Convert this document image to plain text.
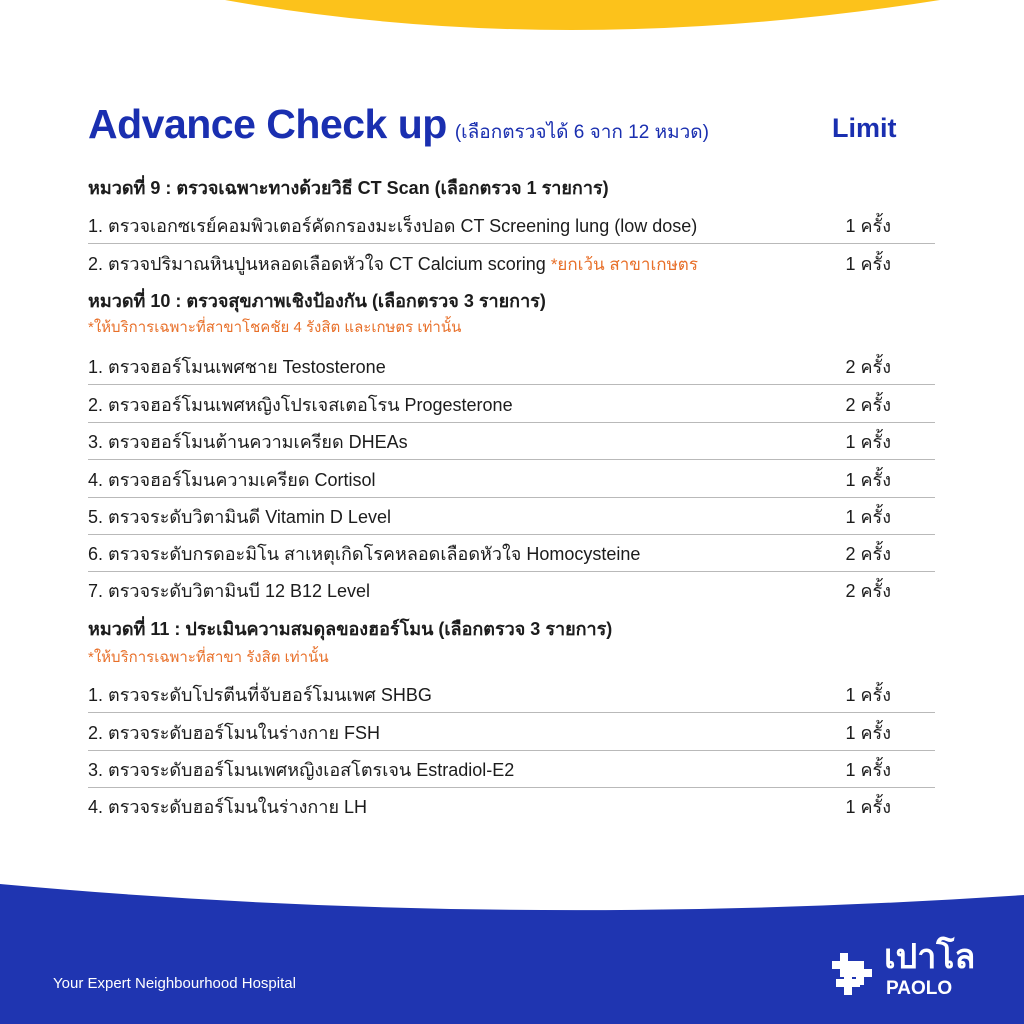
Advance Check up (เลือกตรวจได้ 6 จาก 12 หมวด)	Limit
หมวดที่ 9 : ตรวจเฉพาะทางด้วยวิธี CT Scan (เลือกตรวจ 1 รายการ)
1. ตรวจเอกซเรย์คอมพิวเตอร์คัดกรองมะเร็งปอด CT Screening lung (low dose)	1 ครั้ง
2. ตรวจปริมาณหินปูนหลอดเลือดหัวใจ CT Calcium scoring *ยกเว้น สาขาเกษตร	1 ครั้ง
หมวดที่ 10 : ตรวจสุขภาพเชิงป้องกัน (เลือกตรวจ 3 รายการ)
*ให้บริการเฉพาะที่สาขาโชคชัย 4 รังสิต และเกษตร เท่านั้น
1. ตรวจฮอร์โมนเพศชาย Testosterone	2 ครั้ง
2. ตรวจฮอร์โมนเพศหญิงโปรเจสเตอโรน Progesterone	2 ครั้ง
3. ตรวจฮอร์โมนต้านความเครียด DHEAs	1 ครั้ง
4. ตรวจฮอร์โมนความเครียด Cortisol	1 ครั้ง
5. ตรวจระดับวิตามินดี Vitamin D Level	1 ครั้ง
6. ตรวจระดับกรดอะมิโน สาเหตุเกิดโรคหลอดเลือดหัวใจ Homocysteine	2 ครั้ง
7. ตรวจระดับวิตามินบี 12 B12 Level	2 ครั้ง
หมวดที่ 11 : ประเมินความสมดุลของฮอร์โมน (เลือกตรวจ 3 รายการ)
*ให้บริการเฉพาะที่สาขา รังสิต เท่านั้น
1. ตรวจระดับโปรตีนที่จับฮอร์โมนเพศ SHBG	1 ครั้ง
2. ตรวจระดับฮอร์โมนในร่างกาย FSH	1 ครั้ง
3. ตรวจระดับฮอร์โมนเพศหญิงเอสโตรเจน Estradiol-E2	1 ครั้ง
4. ตรวจระดับฮอร์โมนในร่างกาย LH	1 ครั้ง
Your Expert Neighbourhood Hospital
เปาโล
PAOLO
